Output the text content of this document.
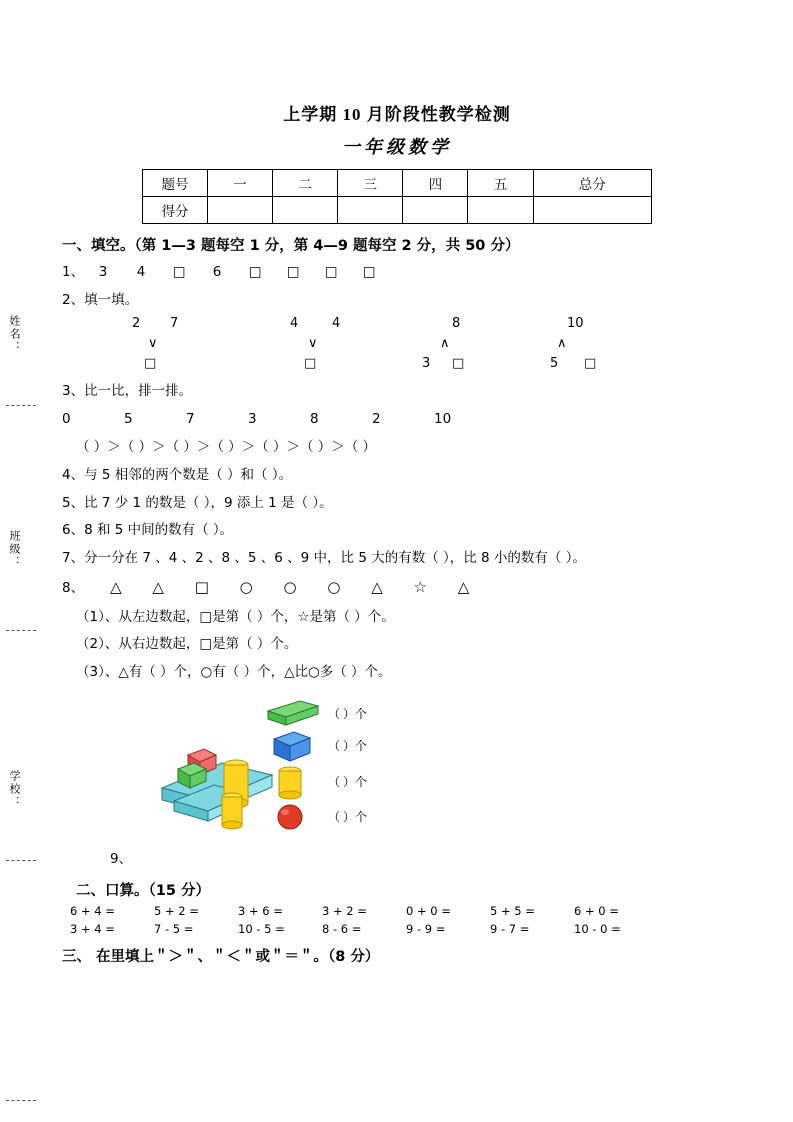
姓名：
班级：
学校：
上学期 10 月阶段性教学检测
一年级数学
题号	一	二	三	四	五	总分
得分						
一、填空。（第 1—3 题每空 1 分，第 4—9 题每空 2 分，共 50 分）
1、 3 4 □ 6 □ □ □ □
2、填一填。
2 7	4	4	8	10
∨	∨	∧	∧
□	□	3 □	5 □
3、比一比，排一排。
0	5	7	3	8	2	10
（ ）＞（ ）＞（ ）＞（ ）＞（ ）＞（ ）＞（ ）
4、与 5 相邻的两个数是（ ）和（ ）。
5、比 7 少 1 的数是（ ），9 添上 1 是（ ）。
6、8 和 5 中间的数有（ ）。
7、分一分在 7 、4 、2 、8 、5 、6 、9 中，比 5 大的有数（ ），比 8 小的数有（ ）。
8、 △ △ □ ○ ○ ○ △ ☆ △
（1）、从左边数起，□是第（ ）个，☆是第（ ）个。
（2）、从右边数起，□是第（ ）个。
（3）、△有（ ）个，○有（ ）个，△比○多（ ）个。
（ ）个
（ ）个
（ ）个
（ ）个
9、
二、口算。（15 分）
6 + 4 =	5 + 2 =	3 + 6 =	3 + 2 =	0 + 0 =	5 + 5 =	6 + 0 =
3 + 4 =	7 - 5 =	10 - 5 =	8 - 6 =	9 - 9 =	9 - 7 =	10 - 0 =
三、 在里填上＂＞＂、＂＜＂或＂＝＂。（8 分）
